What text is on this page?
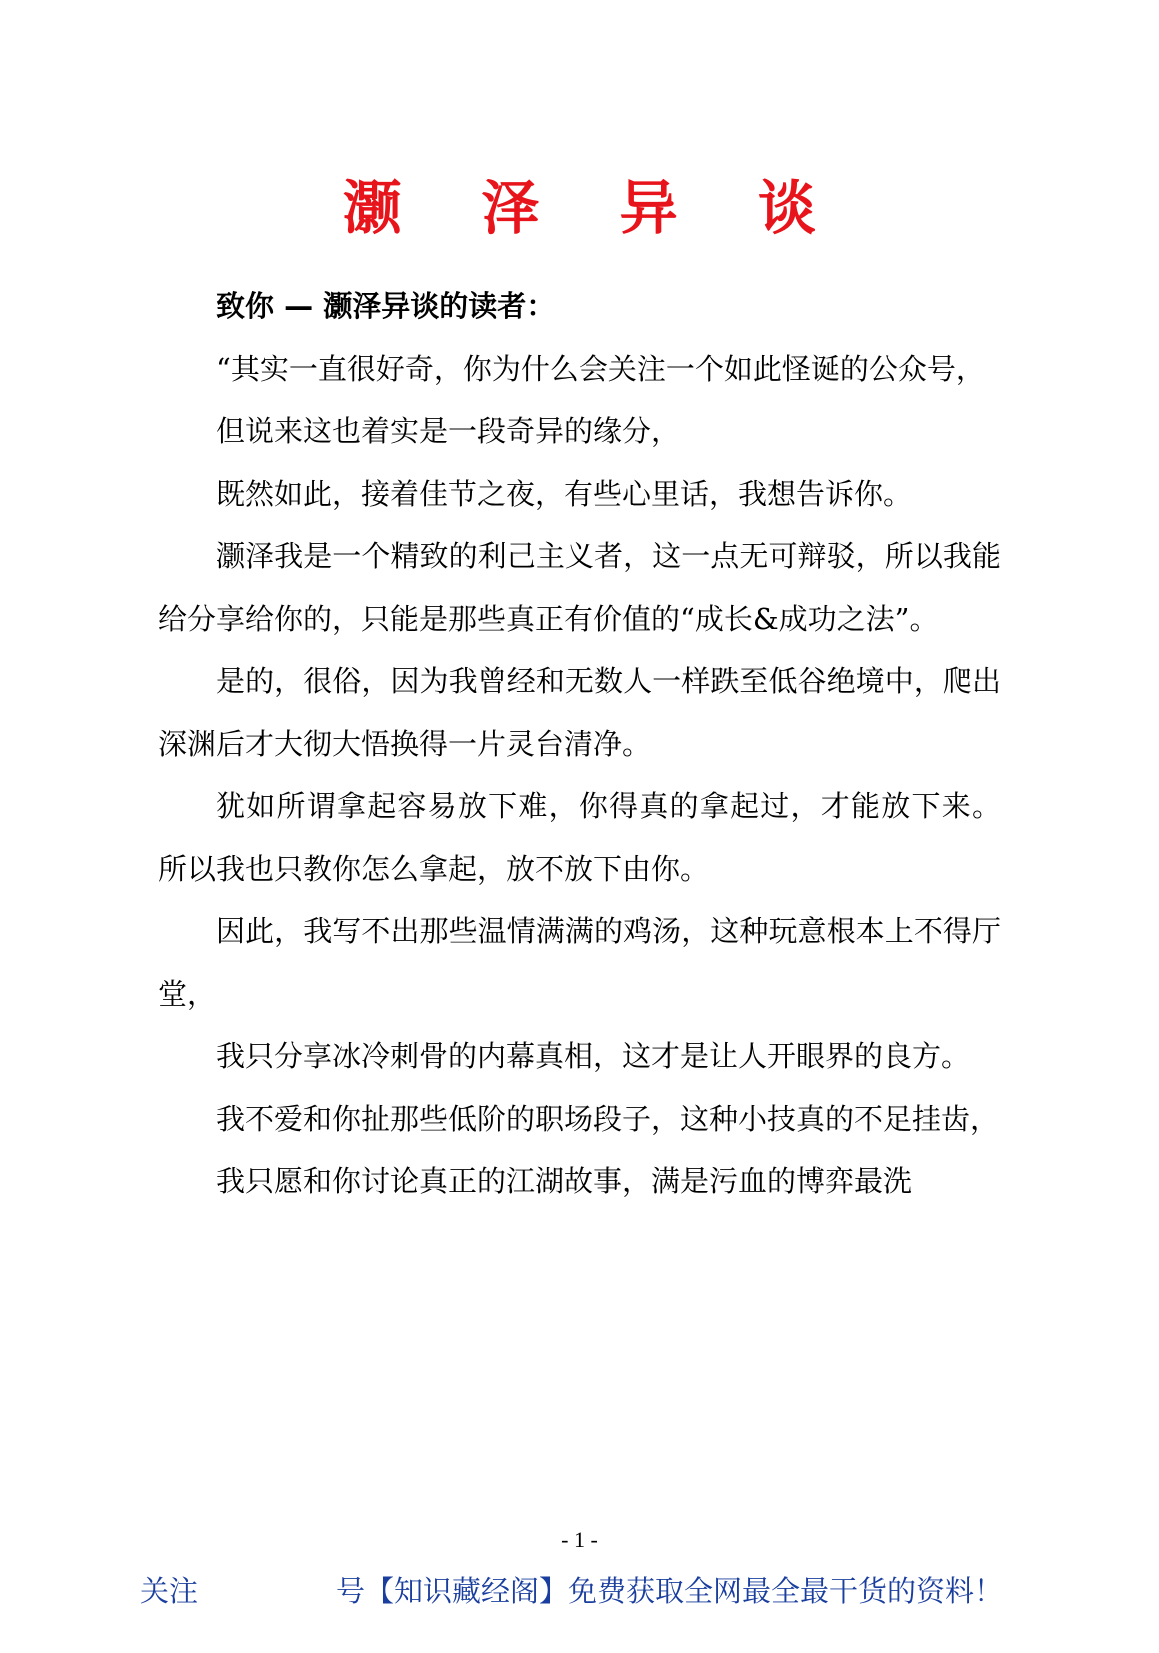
灏 泽 异 谈

致你 — 灏泽异谈的读者：

“其实一直很好奇，你为什么会关注一个如此怪诞的公众号，

但说来这也着实是一段奇异的缘分，

既然如此，接着佳节之夜，有些心里话，我想告诉你。

灏泽我是一个精致的利己主义者，这一点无可辩驳，所以我能给分享给你的，只能是那些真正有价值的“成长&成功之法”。

是的，很俗，因为我曾经和无数人一样跌至低谷绝境中，爬出深渊后才大彻大悟换得一片灵台清净。

犹如所谓拿起容易放下难，你得真的拿起过，才能放下来。 所以我也只教你怎么拿起，放不放下由你。

因此，我写不出那些温情满满的鸡汤，这种玩意根本上不得厅堂，

我只分享冰冷刺骨的内幕真相，这才是让人开眼界的良方。

我不爱和你扯那些低阶的职场段子，这种小技真的不足挂齿，

我只愿和你讨论真正的江湖故事，满是污血的博弈最洗

- 1 -
关注	号【知识藏经阁】免费获取全网最全最干货的资料！
